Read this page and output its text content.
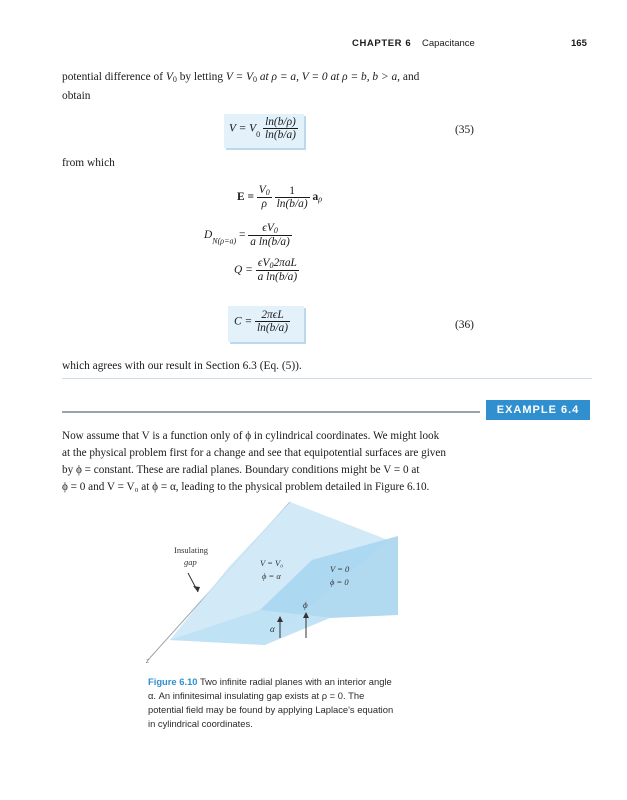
CHAPTER 6 Capacitance	165
potential difference of $V_0$ by letting $V = V_0$ at ρ = a, V = 0 at ρ = b, b > a, and
obtain
$V = V_0 \frac{\ln(b/\rho)}{\ln(b/a)}$	(35)
from which
$E = \frac{V_0}{\rho}$
$\frac{1}{\ln(b/a)} a_\rho$
$D_{N(\rho=a)} = \frac{\epsilon V_0}{\text{a ln(b/a)}}$
$Q = \frac{\epsilon V_02\pi aL}{\text{a ln(b/a)}}$
$C = \frac{\text{2πϵL}}{\ln(b/a)}$	(36)
which agrees with our result in Section 6.3 (Eq. (5)).
EXAMPLE 6.4
Now assume that V is a function only of ϕ in cylindrical coordinates. We might look
at the physical problem first for a change and see that equipotential surfaces are given
by ϕ = constant. These are radial planes. Boundary conditions might be V = 0 at
ϕ = 0 and V = V₀ at ϕ = α, leading to the physical problem detailed in Figure 6.10.
Insulating
gap	V = V₀
ϕ = α
V = 0
ϕ = 0
α
ϕ
z
Figure 6.10 Two infinite radial planes with an interior angle α. An infinitesimal insulating gap exists at ρ = 0. The potential field may be found by applying Laplace's equation in cylindrical coordinates.
